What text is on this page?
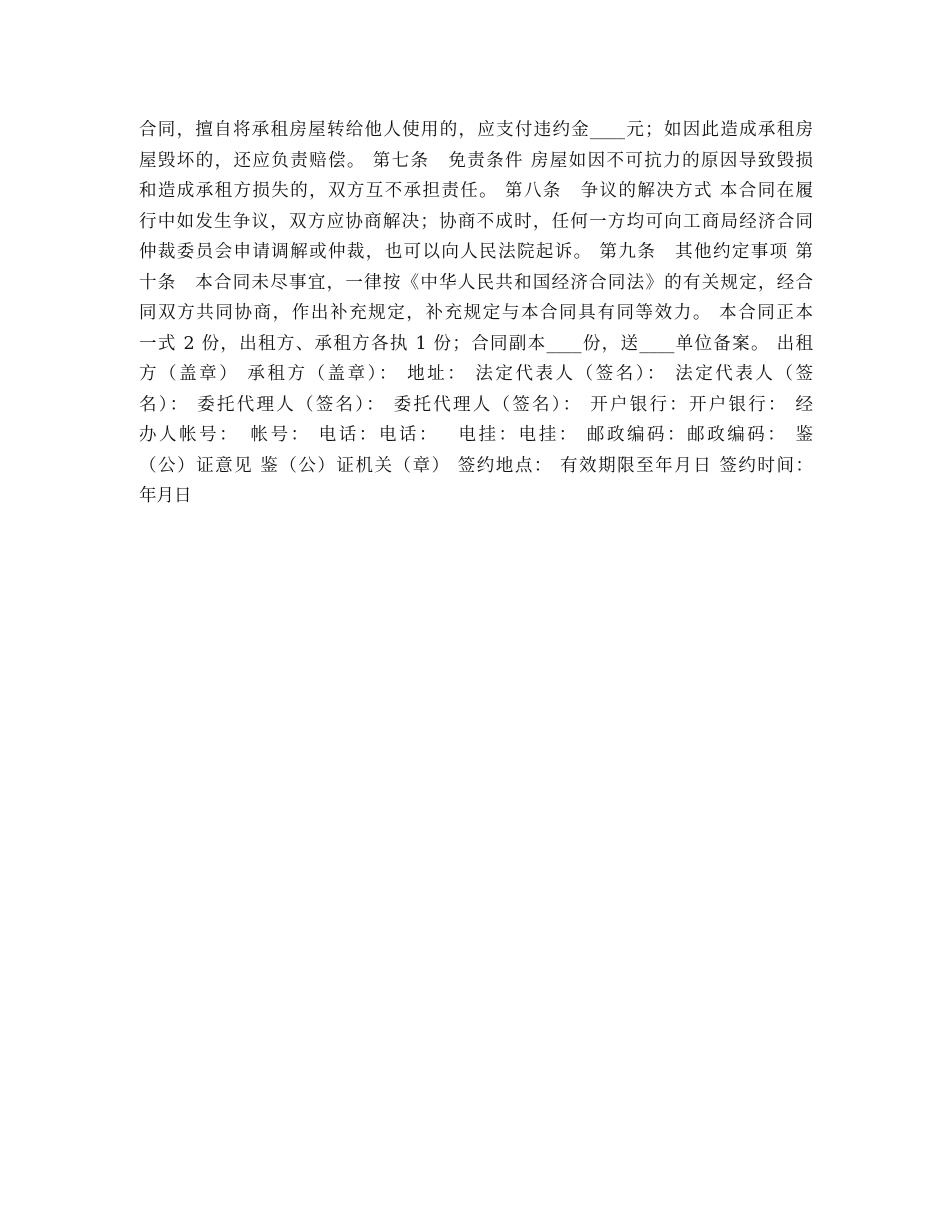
合同，擅自将承租房屋转给他人使用的，应支付违约金____元；如因此造成承租房
屋毁坏的，还应负责赔偿。 第七条　免责条件 房屋如因不可抗力的原因导致毁损
和造成承租方损失的，双方互不承担责任。 第八条　争议的解决方式 本合同在履
行中如发生争议，双方应协商解决；协商不成时，任何一方均可向工商局经济合同
仲裁委员会申请调解或仲裁，也可以向人民法院起诉。 第九条　其他约定事项 第
十条　本合同未尽事宜，一律按《中华人民共和国经济合同法》的有关规定，经合
同双方共同协商，作出补充规定，补充规定与本合同具有同等效力。 本合同正本
一式 2 份，出租方、承租方各执 1 份；合同副本____份，送____单位备案。 出租
方（盖章） 承租方（盖章）： 地址： 法定代表人（签名）： 法定代表人（签
名）： 委托代理人（签名）： 委托代理人（签名）： 开户银行：开户银行： 经
办人帐号：　帐号： 电话：电话：　 电挂：电挂： 邮政编码：邮政编码： 鉴
（公）证意见 鉴（公）证机关（章） 签约地点： 有效期限至年月日 签约时间：
年月日
